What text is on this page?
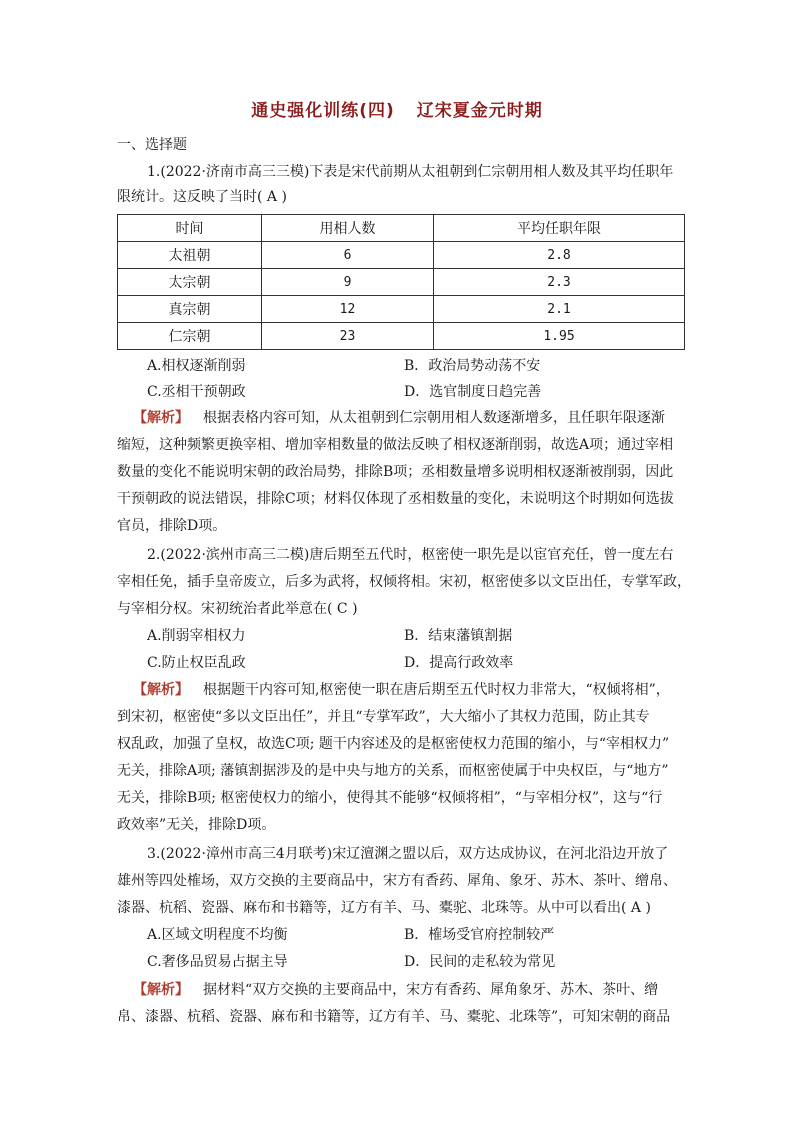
通史强化训练(四) 辽宋夏金元时期
一、选择题
1.(2022·济南市高三三模)下表是宋代前期从太祖朝到仁宗朝用相人数及其平均任职年
限统计。这反映了当时( A )
时间	用相人数	平均任职年限
太祖朝	6	2.8
太宗朝	9	2.3
真宗朝	12	2.1
仁宗朝	23	1.95
A.相权逐渐削弱	B．政治局势动荡不安
C.丞相干预朝政	D．选官制度日趋完善
【解析】 根据表格内容可知，从太祖朝到仁宗朝用相人数逐渐增多，且任职年限逐渐
缩短，这种频繁更换宰相、增加宰相数量的做法反映了相权逐渐削弱，故选A项；通过宰相
数量的变化不能说明宋朝的政治局势，排除B项；丞相数量增多说明相权逐渐被削弱，因此
干预朝政的说法错误，排除C项；材料仅体现了丞相数量的变化，未说明这个时期如何选拔
官员，排除D项。
2.(2022·滨州市高三二模)唐后期至五代时，枢密使一职先是以宦官充任，曾一度左右
宰相任免，插手皇帝废立，后多为武将，权倾将相。宋初，枢密使多以文臣出任，专掌军政，
与宰相分权。宋初统治者此举意在( C )
A.削弱宰相权力	B．结束藩镇割据
C.防止权臣乱政	D．提高行政效率
【解析】 根据题干内容可知,枢密使一职在唐后期至五代时权力非常大，“权倾将相”，
到宋初，枢密使“多以文臣出任”，并且“专掌军政”，大大缩小了其权力范围，防止其专
权乱政，加强了皇权，故选C项; 题干内容述及的是枢密使权力范围的缩小，与“宰相权力”
无关，排除A项; 藩镇割据涉及的是中央与地方的关系，而枢密使属于中央权臣，与“地方”
无关，排除B项; 枢密使权力的缩小，使得其不能够“权倾将相”，“与宰相分权”，这与“行
政效率”无关，排除D项。
3.(2022·漳州市高三4月联考)宋辽澶渊之盟以后，双方达成协议，在河北沿边开放了
雄州等四处榷场，双方交换的主要商品中，宋方有香药、犀角、象牙、苏木、茶叶、缯帛、
漆器、杭稻、瓷器、麻布和书籍等，辽方有羊、马、橐驼、北珠等。从中可以看出( A )
A.区域文明程度不均衡	B．榷场受官府控制较严
C.奢侈品贸易占据主导	D．民间的走私较为常见
【解析】 据材料“双方交换的主要商品中，宋方有香药、犀角象牙、苏木、茶叶、缯
帛、漆器、杭稻、瓷器、麻布和书籍等，辽方有羊、马、橐驼、北珠等”，可知宋朝的商品
